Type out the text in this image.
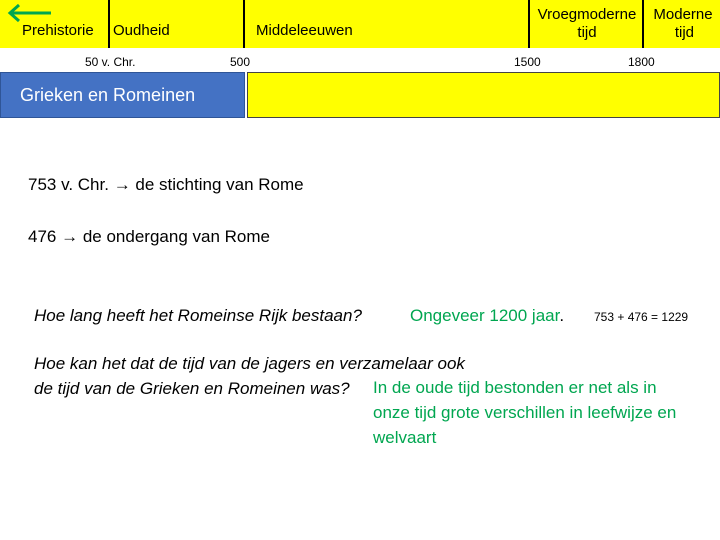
Prehistorie Oudheid	Middeleeuwen
Vroegmoderne
tijd
Moderne
tijd
50 v. Chr.	500	1500	1800
Grieken en Romeinen
753 v. Chr. → de stichting van Rome
476 → de ondergang van Rome
Hoe lang heeft het Romeinse Rijk bestaan?	Ongeveer 1200 jaar. 753 + 476 = 1229
Hoe kan het dat de tijd van de jagers en verzamelaar ook
de tijd van de Grieken en Romeinen was? In de oude tijd bestonden er net als in
onze tijd grote verschillen in leefwijze en
welvaart
